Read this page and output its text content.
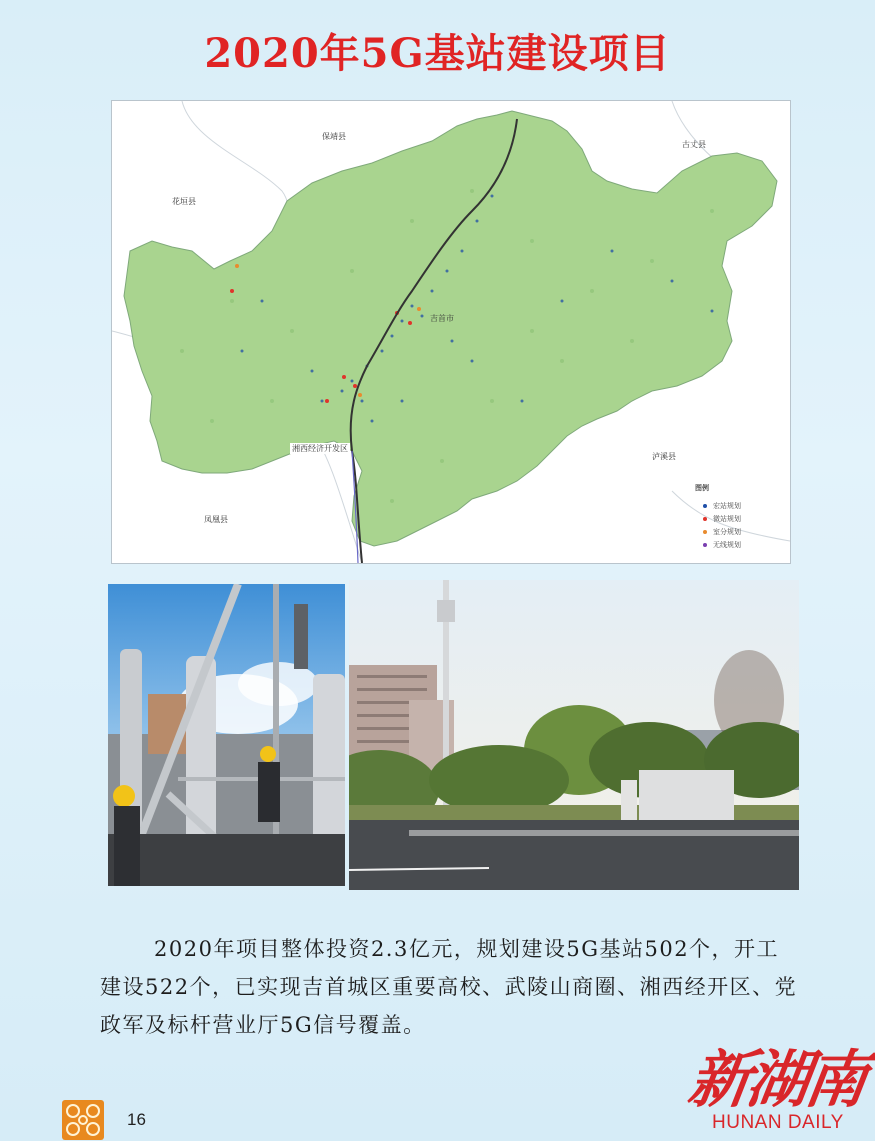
2020年5G基站建设项目
保靖县
古丈县
花垣县
吉首市
湘西经济开发区
泸溪县
凤凰县
图例
宏站规划
微站规划
室分规划
无线规划
2020年项目整体投资2.3亿元，规划建设5G基站502个，开工建设522个，已实现吉首城区重要高校、武陵山商圈、湘西经开区、党政军及标杆营业厅5G信号覆盖。
16
新湖南
HUNAN DAILY
